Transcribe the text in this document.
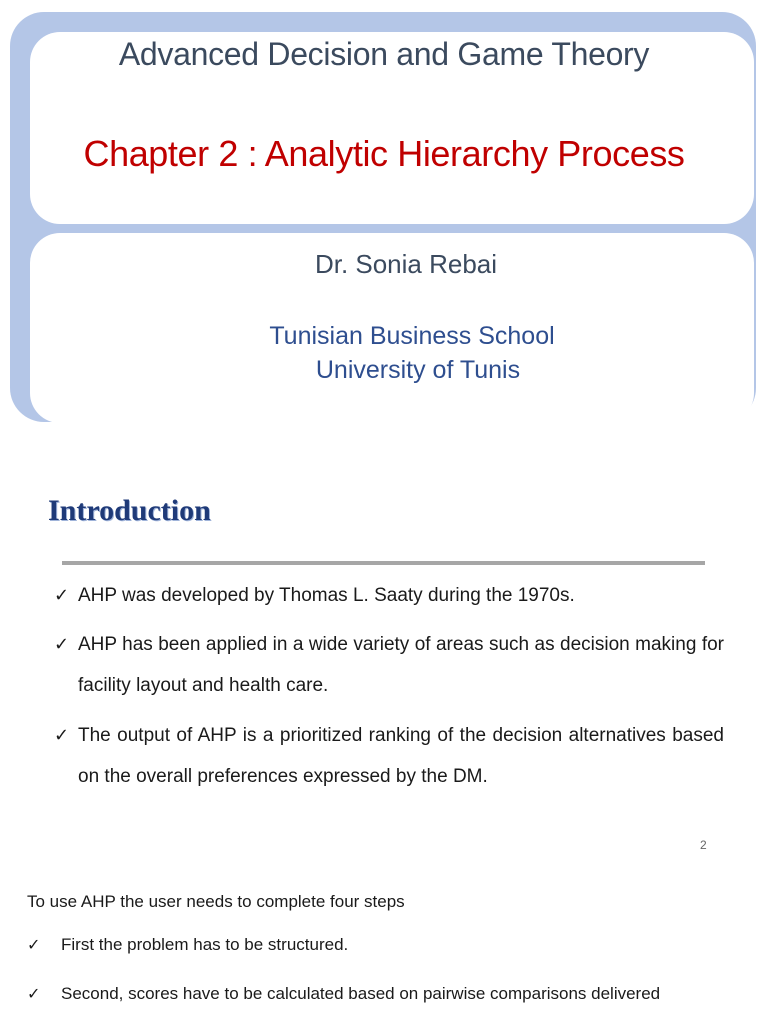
Advanced Decision and Game Theory
Chapter 2 : Analytic Hierarchy Process
Dr. Sonia Rebai
Tunisian Business School
University of Tunis
Introduction
✓ AHP was developed by Thomas L. Saaty during the 1970s.
✓ AHP has been applied in a wide variety of areas such as decision making for facility layout and health care.
✓ The output of AHP is a prioritized ranking of the decision alternatives based on the overall preferences expressed by the DM.
2
To use AHP the user needs to complete four steps
✓ First the problem has to be structured.
✓ Second, scores have to be calculated based on pairwise comparisons delivered
